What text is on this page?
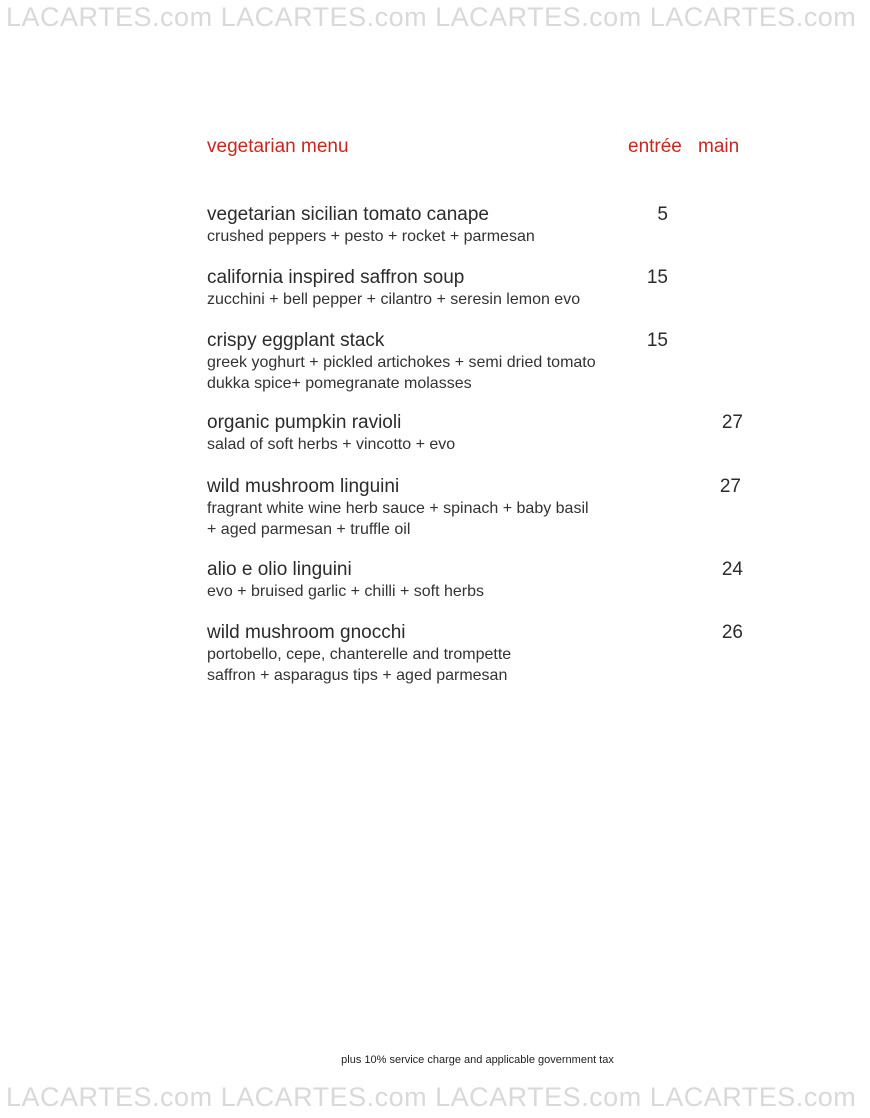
LACARTES.com LACARTES.com LACARTES.com LACARTES.com
vegetarian menu	entrée main
vegetarian sicilian tomato canape
crushed peppers + pesto + rocket + parmesan
5
california inspired saffron soup
zucchini + bell pepper + cilantro + seresin lemon evo
15
crispy eggplant stack
greek yoghurt + pickled artichokes + semi dried tomato
dukka spice+ pomegranate molasses
15
organic pumpkin ravioli
salad of soft herbs + vincotto + evo
27
wild mushroom linguini
fragrant white wine herb sauce + spinach + baby basil
+ aged parmesan + truffle oil
27
alio e olio linguini
evo + bruised garlic + chilli + soft herbs
24
wild mushroom gnocchi
portobello, cepe, chanterelle and trompette
saffron + asparagus tips + aged parmesan
26
plus 10% service charge and applicable government tax
LACARTES.com LACARTES.com LACARTES.com LACARTES.com
